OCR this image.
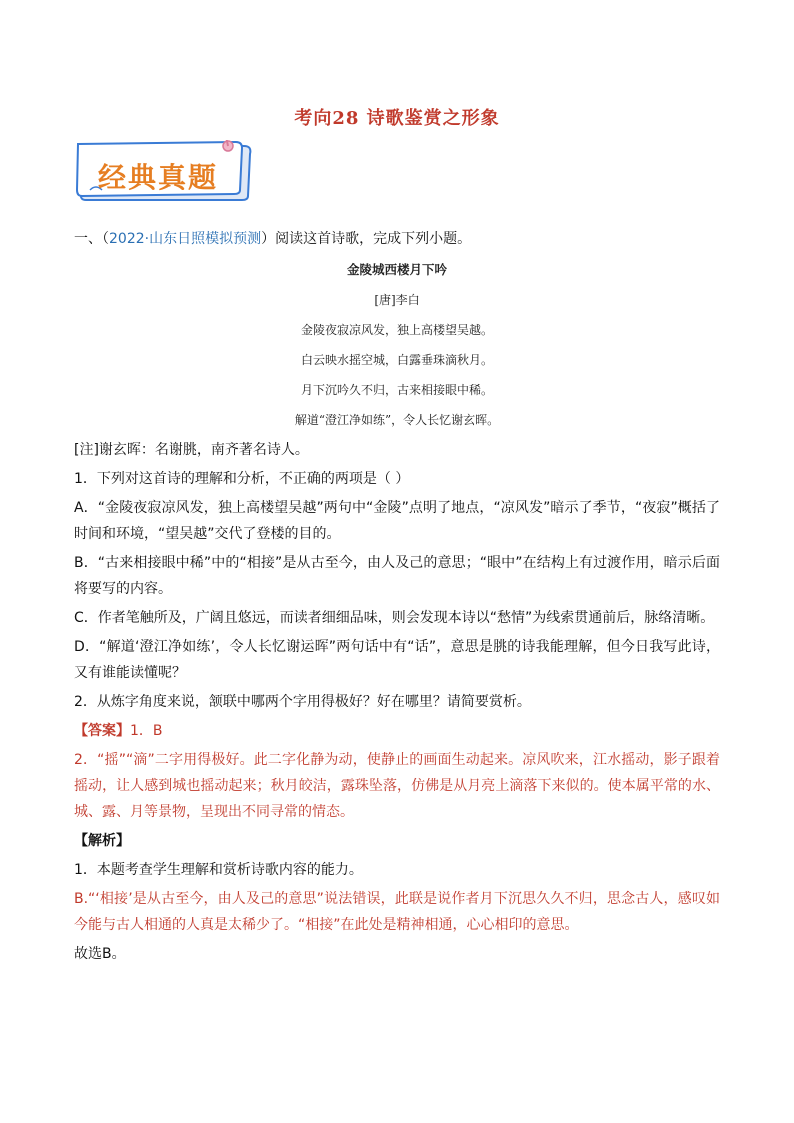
考向28 诗歌鉴赏之形象
经典真题

一、（2022·山东日照模拟预测）阅读这首诗歌，完成下列小题。

金陵城西楼月下吟
[唐]李白
金陵夜寂凉风发，独上高楼望吴越。
白云映水摇空城，白露垂珠滴秋月。
月下沉吟久不归，古来相接眼中稀。
解道“澄江净如练”，令人长忆谢玄晖。

[注]谢玄晖：名谢朓，南齐著名诗人。

1．下列对这首诗的理解和分析，不正确的两项是（ ）

A．“金陵夜寂凉风发，独上高楼望吴越”两句中“金陵”点明了地点，“凉风发”暗示了季节，“夜寂”概括了时间和环境，“望吴越”交代了登楼的目的。

B．“古来相接眼中稀”中的“相接”是从古至今，由人及己的意思；“眼中”在结构上有过渡作用，暗示后面将要写的内容。

C．作者笔触所及，广阔且悠远，而读者细细品味，则会发现本诗以“愁情”为线索贯通前后，脉络清晰。

D．“解道‘澄江净如练’，令人长忆谢运晖”两句话中有“话”，意思是朓的诗我能理解，但今日我写此诗，又有谁能读懂呢？

2．从炼字角度来说，颔联中哪两个字用得极好？好在哪里？请简要赏析。

【答案】1．B

2．“摇”“滴”二字用得极好。此二字化静为动，使静止的画面生动起来。凉风吹来，江水摇动，影子跟着摇动，让人感到城也摇动起来；秋月皎洁，露珠坠落，仿佛是从月亮上滴落下来似的。使本属平常的水、城、露、月等景物，呈现出不同寻常的情态。

【解析】

1．本题考查学生理解和赏析诗歌内容的能力。

B.“‘相接’是从古至今，由人及己的意思”说法错误，此联是说作者月下沉思久久不归，思念古人，感叹如今能与古人相通的人真是太稀少了。“相接”在此处是精神相通，心心相印的意思。

故选B。
